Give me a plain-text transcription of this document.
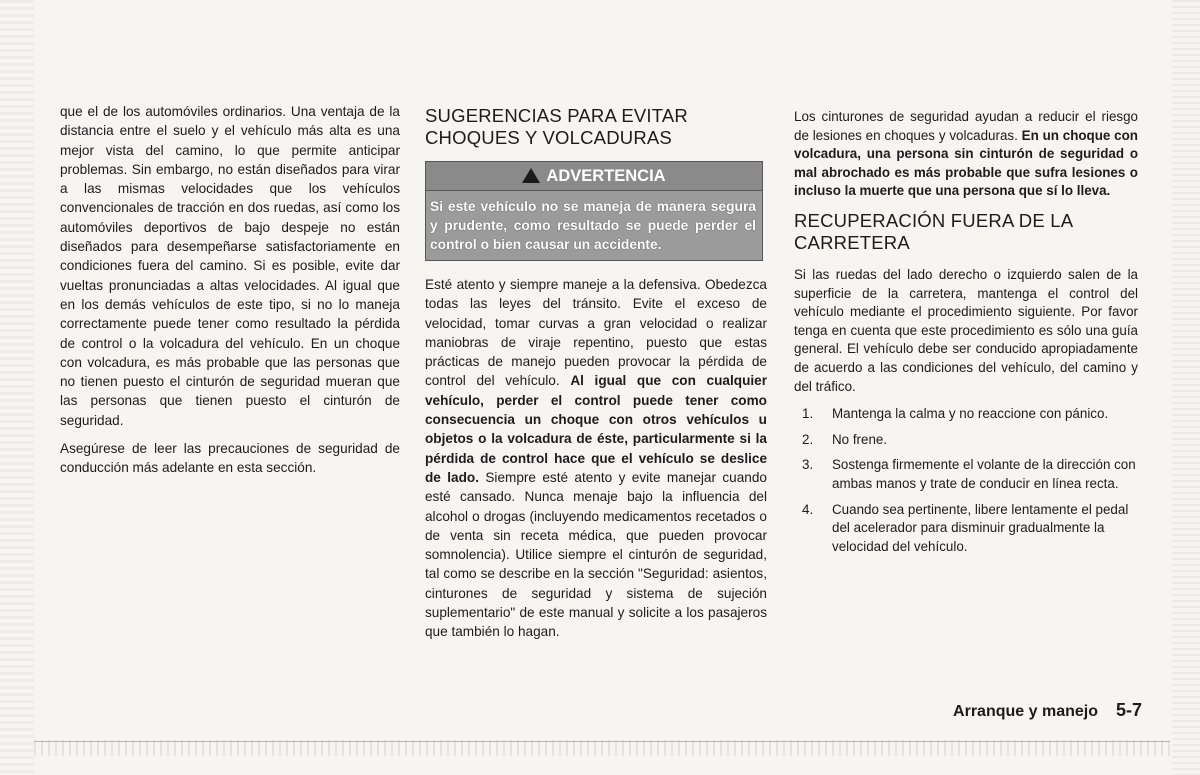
que el de los automóviles ordinarios. Una ventaja de la distancia entre el suelo y el vehículo más alta es una mejor vista del camino, lo que permite anticipar problemas. Sin embargo, no están diseñados para virar a las mismas velocidades que los vehículos convencionales de tracción en dos ruedas, así como los automóviles deportivos de bajo despeje no están diseñados para desempeñarse satisfactoriamente en condiciones fuera del camino. Si es posible, evite dar vueltas pronunciadas a altas velocidades. Al igual que en los demás vehículos de este tipo, si no lo maneja correctamente puede tener como resultado la pérdida de control o la volcadura del vehículo. En un choque con volcadura, es más probable que las personas que no tienen puesto el cinturón de seguridad mueran que las personas que tienen puesto el cinturón de seguridad.

Asegúrese de leer las precauciones de seguridad de conducción más adelante en esta sección.

SUGERENCIAS PARA EVITAR CHOQUES Y VOLCADURAS
ADVERTENCIA
Si este vehículo no se maneja de manera segura y prudente, como resultado se puede perder el control o bien causar un accidente.

Esté atento y siempre maneje a la defensiva. Obedezca todas las leyes del tránsito. Evite el exceso de velocidad, tomar curvas a gran velocidad o realizar maniobras de viraje repentino, puesto que estas prácticas de manejo pueden provocar la pérdida de control del vehículo. Al igual que con cualquier vehículo, perder el control puede tener como consecuencia un choque con otros vehículos u objetos o la volcadura de éste, particularmente si la pérdida de control hace que el vehículo se deslice de lado. Siempre esté atento y evite manejar cuando esté cansado. Nunca menaje bajo la influencia del alcohol o drogas (incluyendo medicamentos recetados o de venta sin receta médica, que pueden provocar somnolencia). Utilice siempre el cinturón de seguridad, tal como se describe en la sección "Seguridad: asientos, cinturones de seguridad y sistema de sujeción suplementario" de este manual y solicite a los pasajeros que también lo hagan.

Los cinturones de seguridad ayudan a reducir el riesgo de lesiones en choques y volcaduras. En un choque con volcadura, una persona sin cinturón de seguridad o mal abrochado es más probable que sufra lesiones o incluso la muerte que una persona que sí lo lleva.

RECUPERACIÓN FUERA DE LA CARRETERA

Si las ruedas del lado derecho o izquierdo salen de la superficie de la carretera, mantenga el control del vehículo mediante el procedimiento siguiente. Por favor tenga en cuenta que este procedimiento es sólo una guía general. El vehículo debe ser conducido apropiadamente de acuerdo a las condiciones del vehículo, del camino y del tráfico.

1.	Mantenga la calma y no reaccione con pánico.
2.	No frene.
3.	Sostenga firmemente el volante de la dirección con ambas manos y trate de conducir en línea recta.
4.	Cuando sea pertinente, libere lentamente el pedal del acelerador para disminuir gradualmente la velocidad del vehículo.
Arranque y manejo 5-7
